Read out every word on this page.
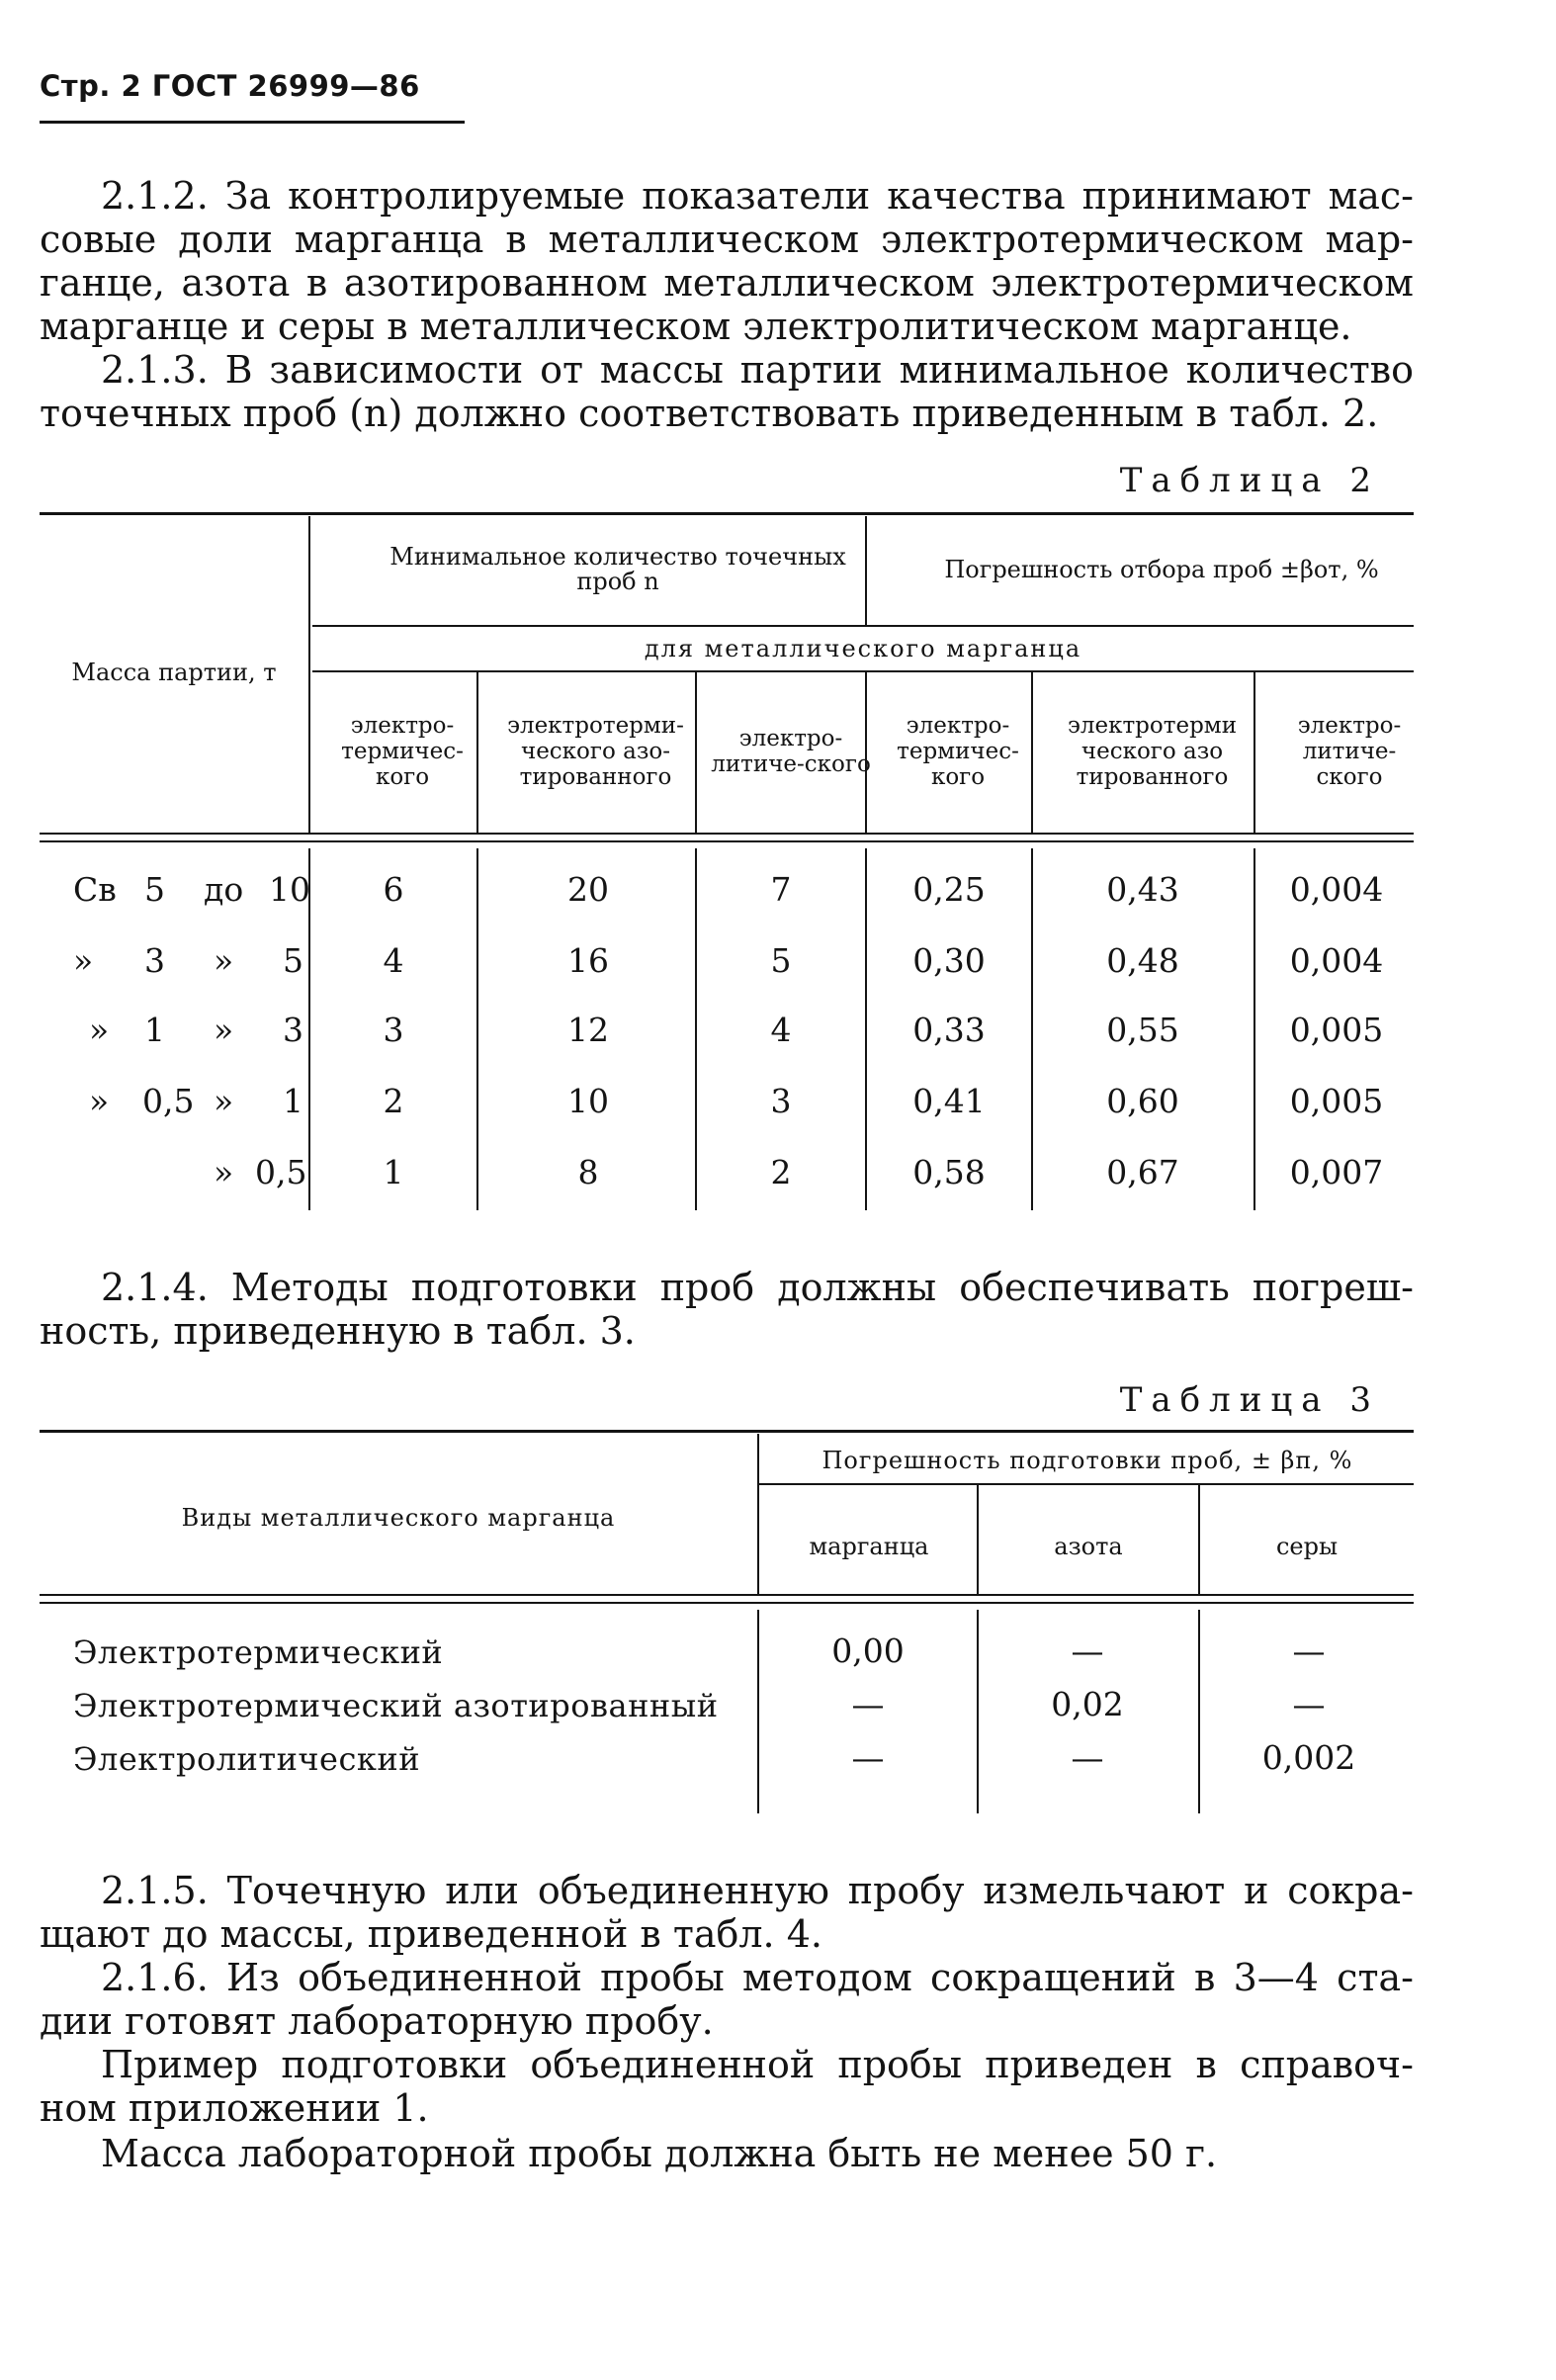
Стр. 2 ГОСТ 26999—86
2.1.2. За контролируемые показатели качества принимают мас-
совые доли марганца в металлическом электротермическом мар-
ганце, азота в азотированном металлическом электротермическом
марганце и серы в металлическом электролитическом марганце.
2.1.3. В зависимости от массы партии минимальное количество
точечных проб (n) должно соответствовать приведенным в табл. 2.
Таблица 2
Масса партии, т
Минимальное количество точечных проб n	Погрешность отбора проб ±βот, %
для металлического марганца
электро-термичес-кого
электротерми-ческого азо-тированного
электро-литиче-ского
электро-термичес-кого
электротерми ческого азо тированного
электро-литиче-ского
Св 5 до 10	6	20	7	0,25	0,43	0,004
» 3 » 5	4	16	5	0,30	0,48	0,004
» 1 » 3	3	12	4	0,33	0,55	0,005
» 0,5 » 1	2	10	3	0,41	0,60	0,005
» 0,5	1	8	2	0,58	0,67	0,007
2.1.4. Методы подготовки проб должны обеспечивать погреш-
ность, приведенную в табл. 3.
Таблица 3
Виды металлического марганца
Погрешность подготовки проб, ± βп, %
марганца	азота	серы
Электротермический	0,00	—	—
Электротермический азотированный	—	0,02	—
Электролитический	—	—	0,002
2.1.5. Точечную или объединенную пробу измельчают и сокра-
щают до массы, приведенной в табл. 4.
2.1.6. Из объединенной пробы методом сокращений в 3—4 ста-
дии готовят лабораторную пробу.
Пример подготовки объединенной пробы приведен в справоч-
ном приложении 1.
Масса лабораторной пробы должна быть не менее 50 г.
